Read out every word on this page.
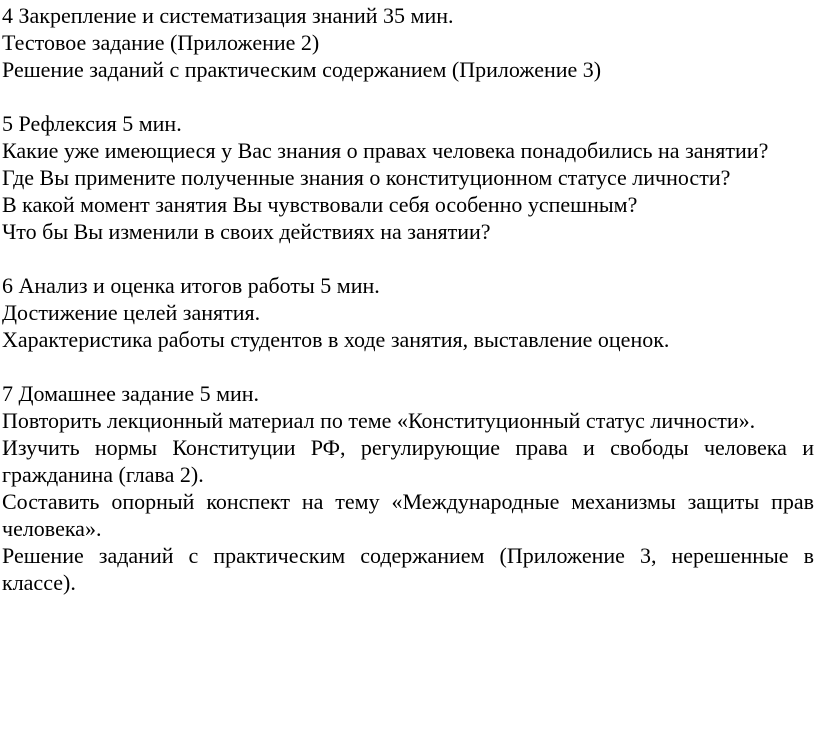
4 Закрепление и систематизация знаний 35 мин.

Тестовое задание (Приложение 2)

Решение заданий с практическим содержанием (Приложение 3)

5 Рефлексия 5 мин.

Какие уже имеющиеся у Вас знания о правах человека понадобились на занятии?

Где Вы примените полученные знания о конституционном статусе личности?

В какой момент занятия Вы чувствовали себя особенно успешным?

Что бы Вы изменили в своих действиях на занятии?

6 Анализ и оценка итогов работы 5 мин.

Достижение целей занятия.

Характеристика работы студентов в ходе занятия, выставление оценок.

7 Домашнее задание 5 мин.

Повторить лекционный материал по теме «Конституционный статус личности».

Изучить нормы Конституции РФ, регулирующие права и свободы человека и гражданина (глава 2).

Составить опорный конспект на тему «Международные механизмы защиты прав человека».

Решение заданий с практическим содержанием (Приложение 3, нерешенные в классе).
